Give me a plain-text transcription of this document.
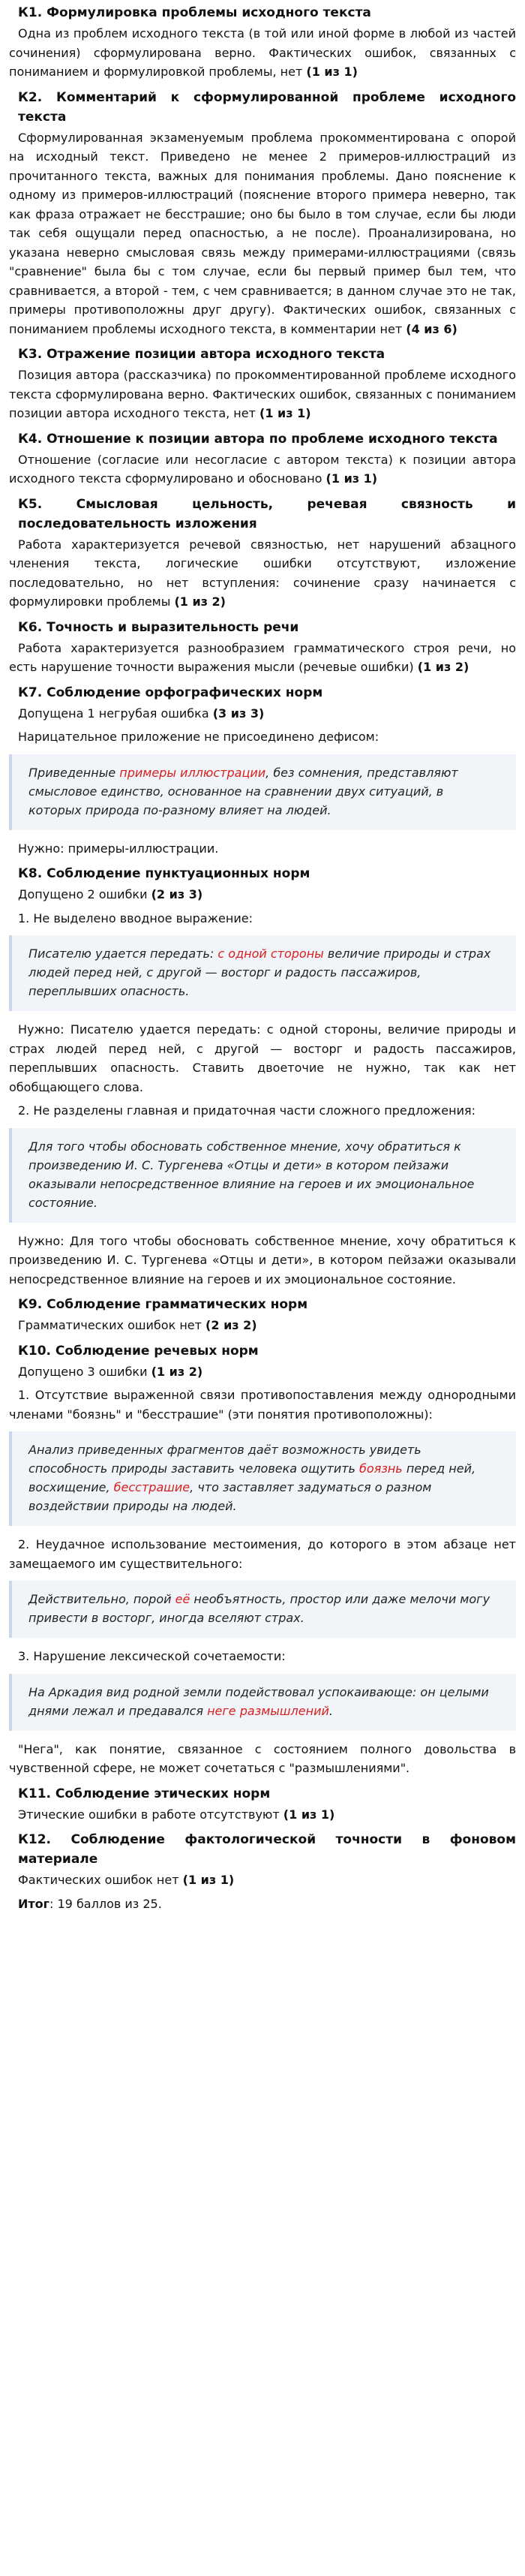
К1. Формулировка проблемы исходного текста

Одна из проблем исходного текста (в той или иной форме в любой из частей сочинения) сформулирована верно. Фактических ошибок, связанных с пониманием и формулировкой проблемы, нет (1 из 1)

К2. Комментарий к сформулированной проблеме исходного текста

Сформулированная экзаменуемым проблема прокомментирована с опорой на исходный текст. Приведено не менее 2 примеров-иллюстраций из прочитанного текста, важных для понимания проблемы. Дано пояснение к одному из примеров-иллюстраций (пояснение второго примера неверно, так как фраза отражает не бесстрашие; оно бы было в том случае, если бы люди так себя ощущали перед опасностью, а не после). Проанализирована, но указана неверно смысловая связь между примерами-иллюстрациями (связь "сравнение" была бы с том случае, если бы первый пример был тем, что сравнивается, а второй - тем, с чем сравнивается; в данном случае это не так, примеры противоположны друг другу). Фактических ошибок, связанных с пониманием проблемы исходного текста, в комментарии нет (4 из 6)

К3. Отражение позиции автора исходного текста

Позиция автора (рассказчика) по прокомментированной проблеме исходного текста сформулирована верно. Фактических ошибок, связанных с пониманием позиции автора исходного текста, нет (1 из 1)

К4. Отношение к позиции автора по проблеме исходного текста

Отношение (согласие или несогласие с автором текста) к позиции автора исходного текста сформулировано и обосновано (1 из 1)

К5. Смысловая цельность, речевая связность и последовательность изложения

Работа характеризуется речевой связностью, нет нарушений абзацного членения текста, логические ошибки отсутствуют, изложение последовательно, но нет вступления: сочинение сразу начинается с формулировки проблемы (1 из 2)

К6. Точность и выразительность речи

Работа характеризуется разнообразием грамматического строя речи, но есть нарушение точности выражения мысли (речевые ошибки) (1 из 2)

К7. Соблюдение орфографических норм

Допущена 1 негрубая ошибка (3 из 3)

Нарицательное приложение не присоединено дефисом:

Приведенные примеры иллюстрации, без сомнения, представляют смысловое единство, основанное на сравнении двух ситуаций, в которых природа по-разному влияет на людей.

Нужно: примеры-иллюстрации.

К8. Соблюдение пунктуационных норм

Допущено 2 ошибки (2 из 3)

1. Не выделено вводное выражение:

Писателю удается передать: с одной стороны величие природы и страх людей перед ней, с другой — восторг и радость пассажиров, переплывших опасность.

Нужно: Писателю удается передать: с одной стороны, величие природы и страх людей перед ней, с другой — восторг и радость пассажиров, переплывших опасность. Ставить двоеточие не нужно, так как нет обобщающего слова.

2. Не разделены главная и придаточная части сложного предложения:

Для того чтобы обосновать собственное мнение, хочу обратиться к произведению И. С. Тургенева «Отцы и дети» в котором пейзажи оказывали непосредственное влияние на героев и их эмоциональное состояние.

Нужно: Для того чтобы обосновать собственное мнение, хочу обратиться к произведению И. С. Тургенева «Отцы и дети», в котором пейзажи оказывали непосредственное влияние на героев и их эмоциональное состояние.

К9. Соблюдение грамматических норм

Грамматических ошибок нет (2 из 2)

К10. Соблюдение речевых норм

Допущено 3 ошибки (1 из 2)

1. Отсутствие выраженной связи противопоставления между однородными членами "боязнь" и "бесстрашие" (эти понятия противоположны):

Анализ приведенных фрагментов даёт возможность увидеть способность природы заставить человека ощутить боязнь перед ней, восхищение, бесстрашие, что заставляет задуматься о разном воздействии природы на людей.

2. Неудачное использование местоимения, до которого в этом абзаце нет замещаемого им существительного:

Действительно, порой её необъятность, простор или даже мелочи могу привести в восторг, иногда вселяют страх.

3. Нарушение лексической сочетаемости:

На Аркадия вид родной земли подействовал успокаивающе: он целыми днями лежал и предавался неге размышлений.

"Нега", как понятие, связанное с состоянием полного довольства в чувственной сфере, не может сочетаться с "размышлениями".

К11. Соблюдение этических норм

Этические ошибки в работе отсутствуют (1 из 1)

К12. Соблюдение фактологической точности в фоновом материале

Фактических ошибок нет (1 из 1)

Итог: 19 баллов из 25.
